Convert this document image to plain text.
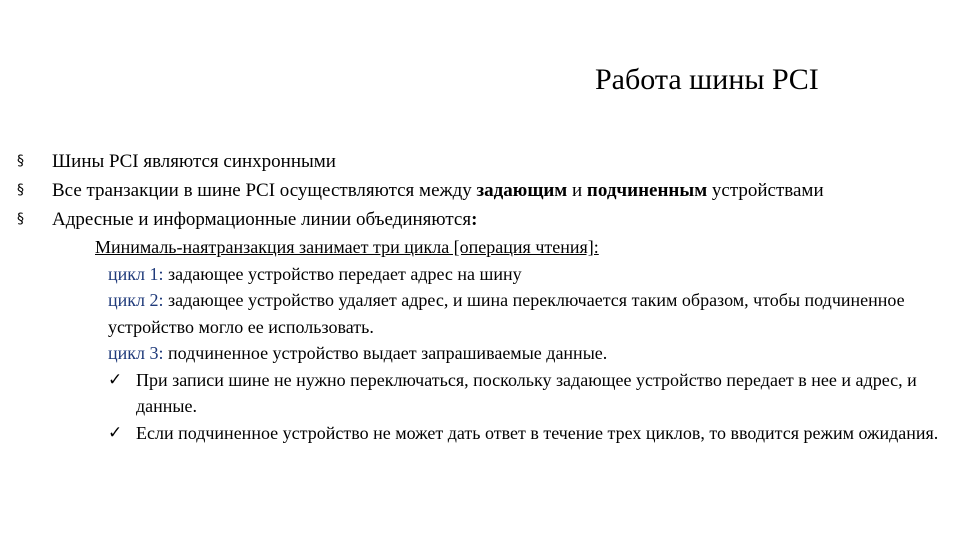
Работа шины PCI
§ Шины PCI являются синхронными
§ Все транзакции в шине PCI осуществляются между задающим и подчиненным устройствами
§ Адресные и информационные линии объединяются:
Минималь-наятранзакция занимает три цикла [операция чтения]:
цикл 1: задающее устройство передает адрес на шину
цикл 2: задающее устройство удаляет адрес, и шина переключается таким образом, чтобы подчиненное устройство могло ее использовать.
цикл 3: подчиненное устройство выдает запрашиваемые данные.
✓ При записи шине не нужно переключаться, поскольку задающее устройство передает в нее и адрес, и данные.
✓ Если подчиненное устройство не может дать ответ в течение трех циклов, то вводится режим ожидания.
